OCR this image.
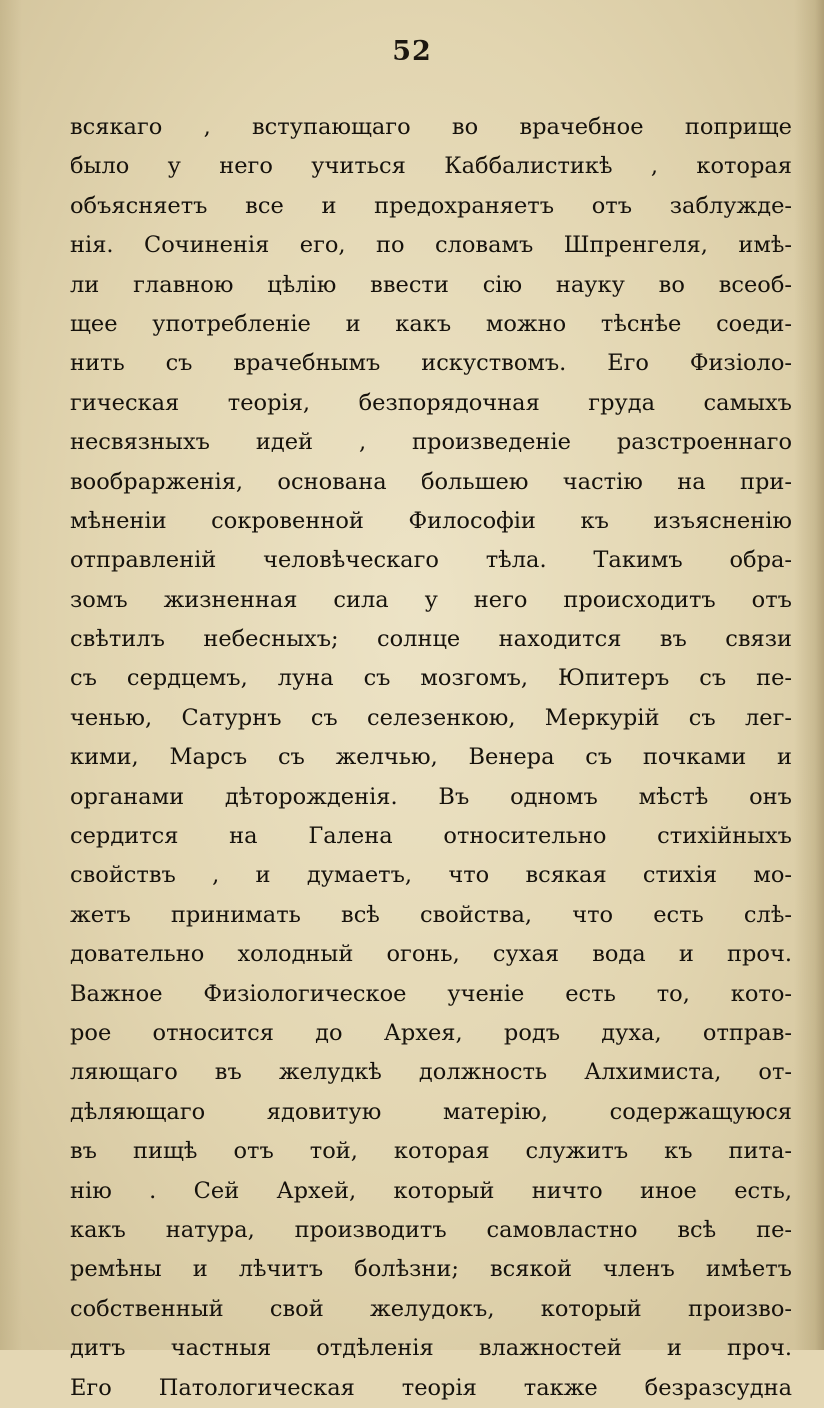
52
всякаго , вступающаго во врачебное поприще
было у него учиться Каббалистикѣ , которая
объясняетъ все и предохраняетъ отъ заблужде-
нія. Сочиненія его, по словамъ Шпренгеля, имѣ-
ли главною цѣлію ввести сію науку во всеоб-
щее употребленіе и какъ можно тѣснѣе соеди-
нить съ врачебнымъ искуствомъ. Его Физіоло-
гическая теорія, безпорядочная груда самыхъ
несвязныхъ идей , произведеніе разстроеннаго
вообраpженія, основана большею частію на при-
мѣненіи сокровенной Философіи къ изъясненію
отправленій человѣческаго тѣла. Такимъ обра-
зомъ жизненная сила у него происходитъ отъ
свѣтилъ небесныхъ; солнце находится въ связи
съ сердцемъ, луна съ мозгомъ, Юпитеръ съ пе-
ченью, Сатурнъ съ селезенкою, Меркурій съ лег-
кими, Марсъ съ желчью, Венера съ почками и
органами дѣторожденія. Въ одномъ мѣстѣ онъ
сердится на Галена относительно стихійныхъ
свойствъ , и думаетъ, что всякая стихія мо-
жетъ принимать всѣ свойства, что есть слѣ-
довательно холодный огонь, сухая вода и проч.
Важное Физіологическое ученіе есть то, кото-
рое относится до Архея, родъ духа, отправ-
ляющаго въ желудкѣ должность Алхимиста, от-
дѣляющаго ядовитую матерію, содержащуюся
въ пищѣ отъ той, которая служитъ къ пита-
нію . Сей Архей, который ничто иное есть,
какъ натура, производитъ самовластно всѣ пе-
ремѣны и лѣчитъ болѣзни; всякой членъ имѣетъ
собственный свой желудокъ, который произво-
дитъ частныя отдѣленія влажностей и проч.
Его Патологическая теорія также безразсудна
